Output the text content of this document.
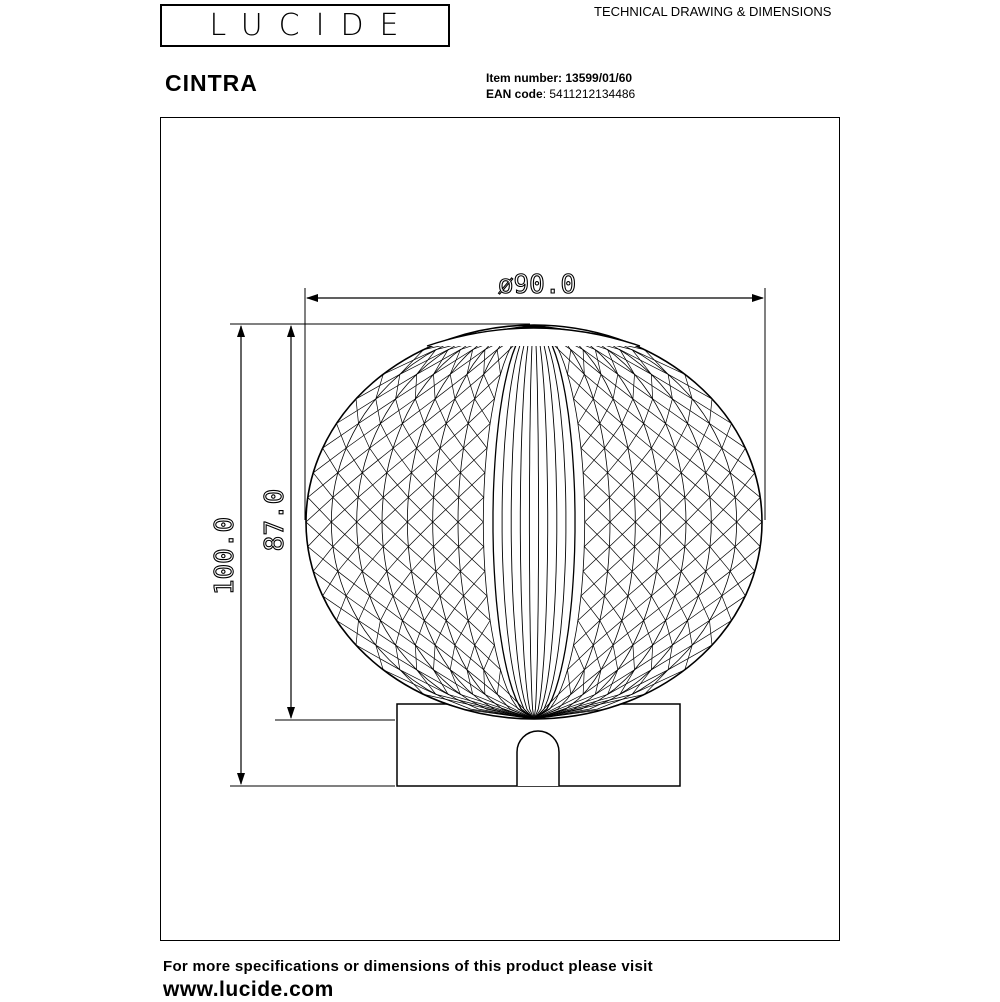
LUCIDE	TECHNICAL DRAWING & DIMENSIONS
CINTRA	Item number: 13599/01/60
EAN code: 5411212134486
ø90.0
100.0 87.0
For more specifications or dimensions of this product please visit
www.lucide.com
